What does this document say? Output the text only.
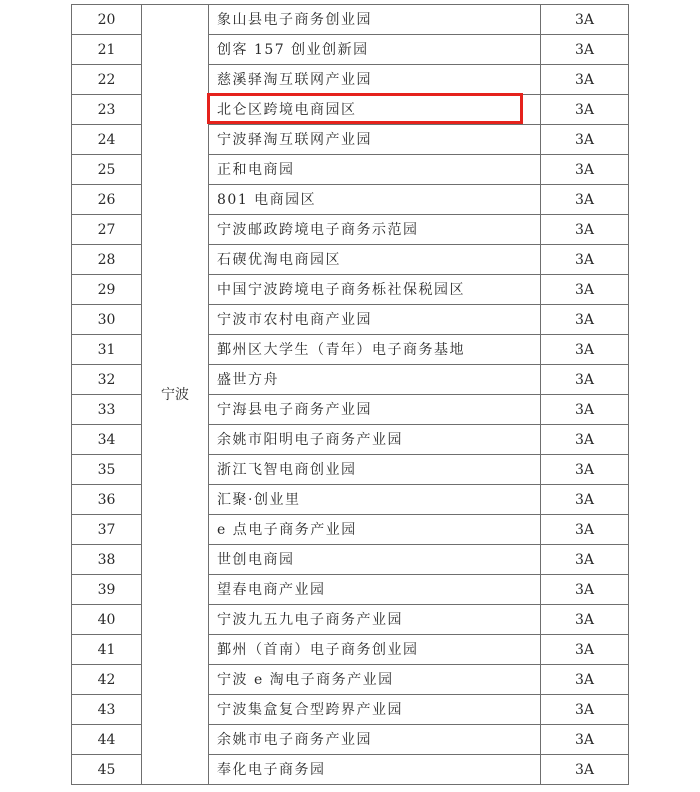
20	宁波	象山县电子商务创业园	3A
21		创客 157 创业创新园	3A
22		慈溪驿淘互联网产业园	3A
23		北仑区跨境电商园区	3A
24		宁波驿淘互联网产业园	3A
25		正和电商园	3A
26		801 电商园区	3A
27		宁波邮政跨境电子商务示范园	3A
28		石碶优淘电商园区	3A
29		中国宁波跨境电子商务栎社保税园区	3A
30		宁波市农村电商产业园	3A
31		鄞州区大学生（青年）电子商务基地	3A
32		盛世方舟	3A
33		宁海县电子商务产业园	3A
34		余姚市阳明电子商务产业园	3A
35		浙江飞智电商创业园	3A
36		汇聚·创业里	3A
37		e 点电子商务产业园	3A
38		世创电商园	3A
39		望春电商产业园	3A
40		宁波九五九电子商务产业园	3A
41		鄞州（首南）电子商务创业园	3A
42		宁波 e 淘电子商务产业园	3A
43		宁波集盒复合型跨界产业园	3A
44		余姚市电子商务产业园	3A
45		奉化电子商务园	3A
